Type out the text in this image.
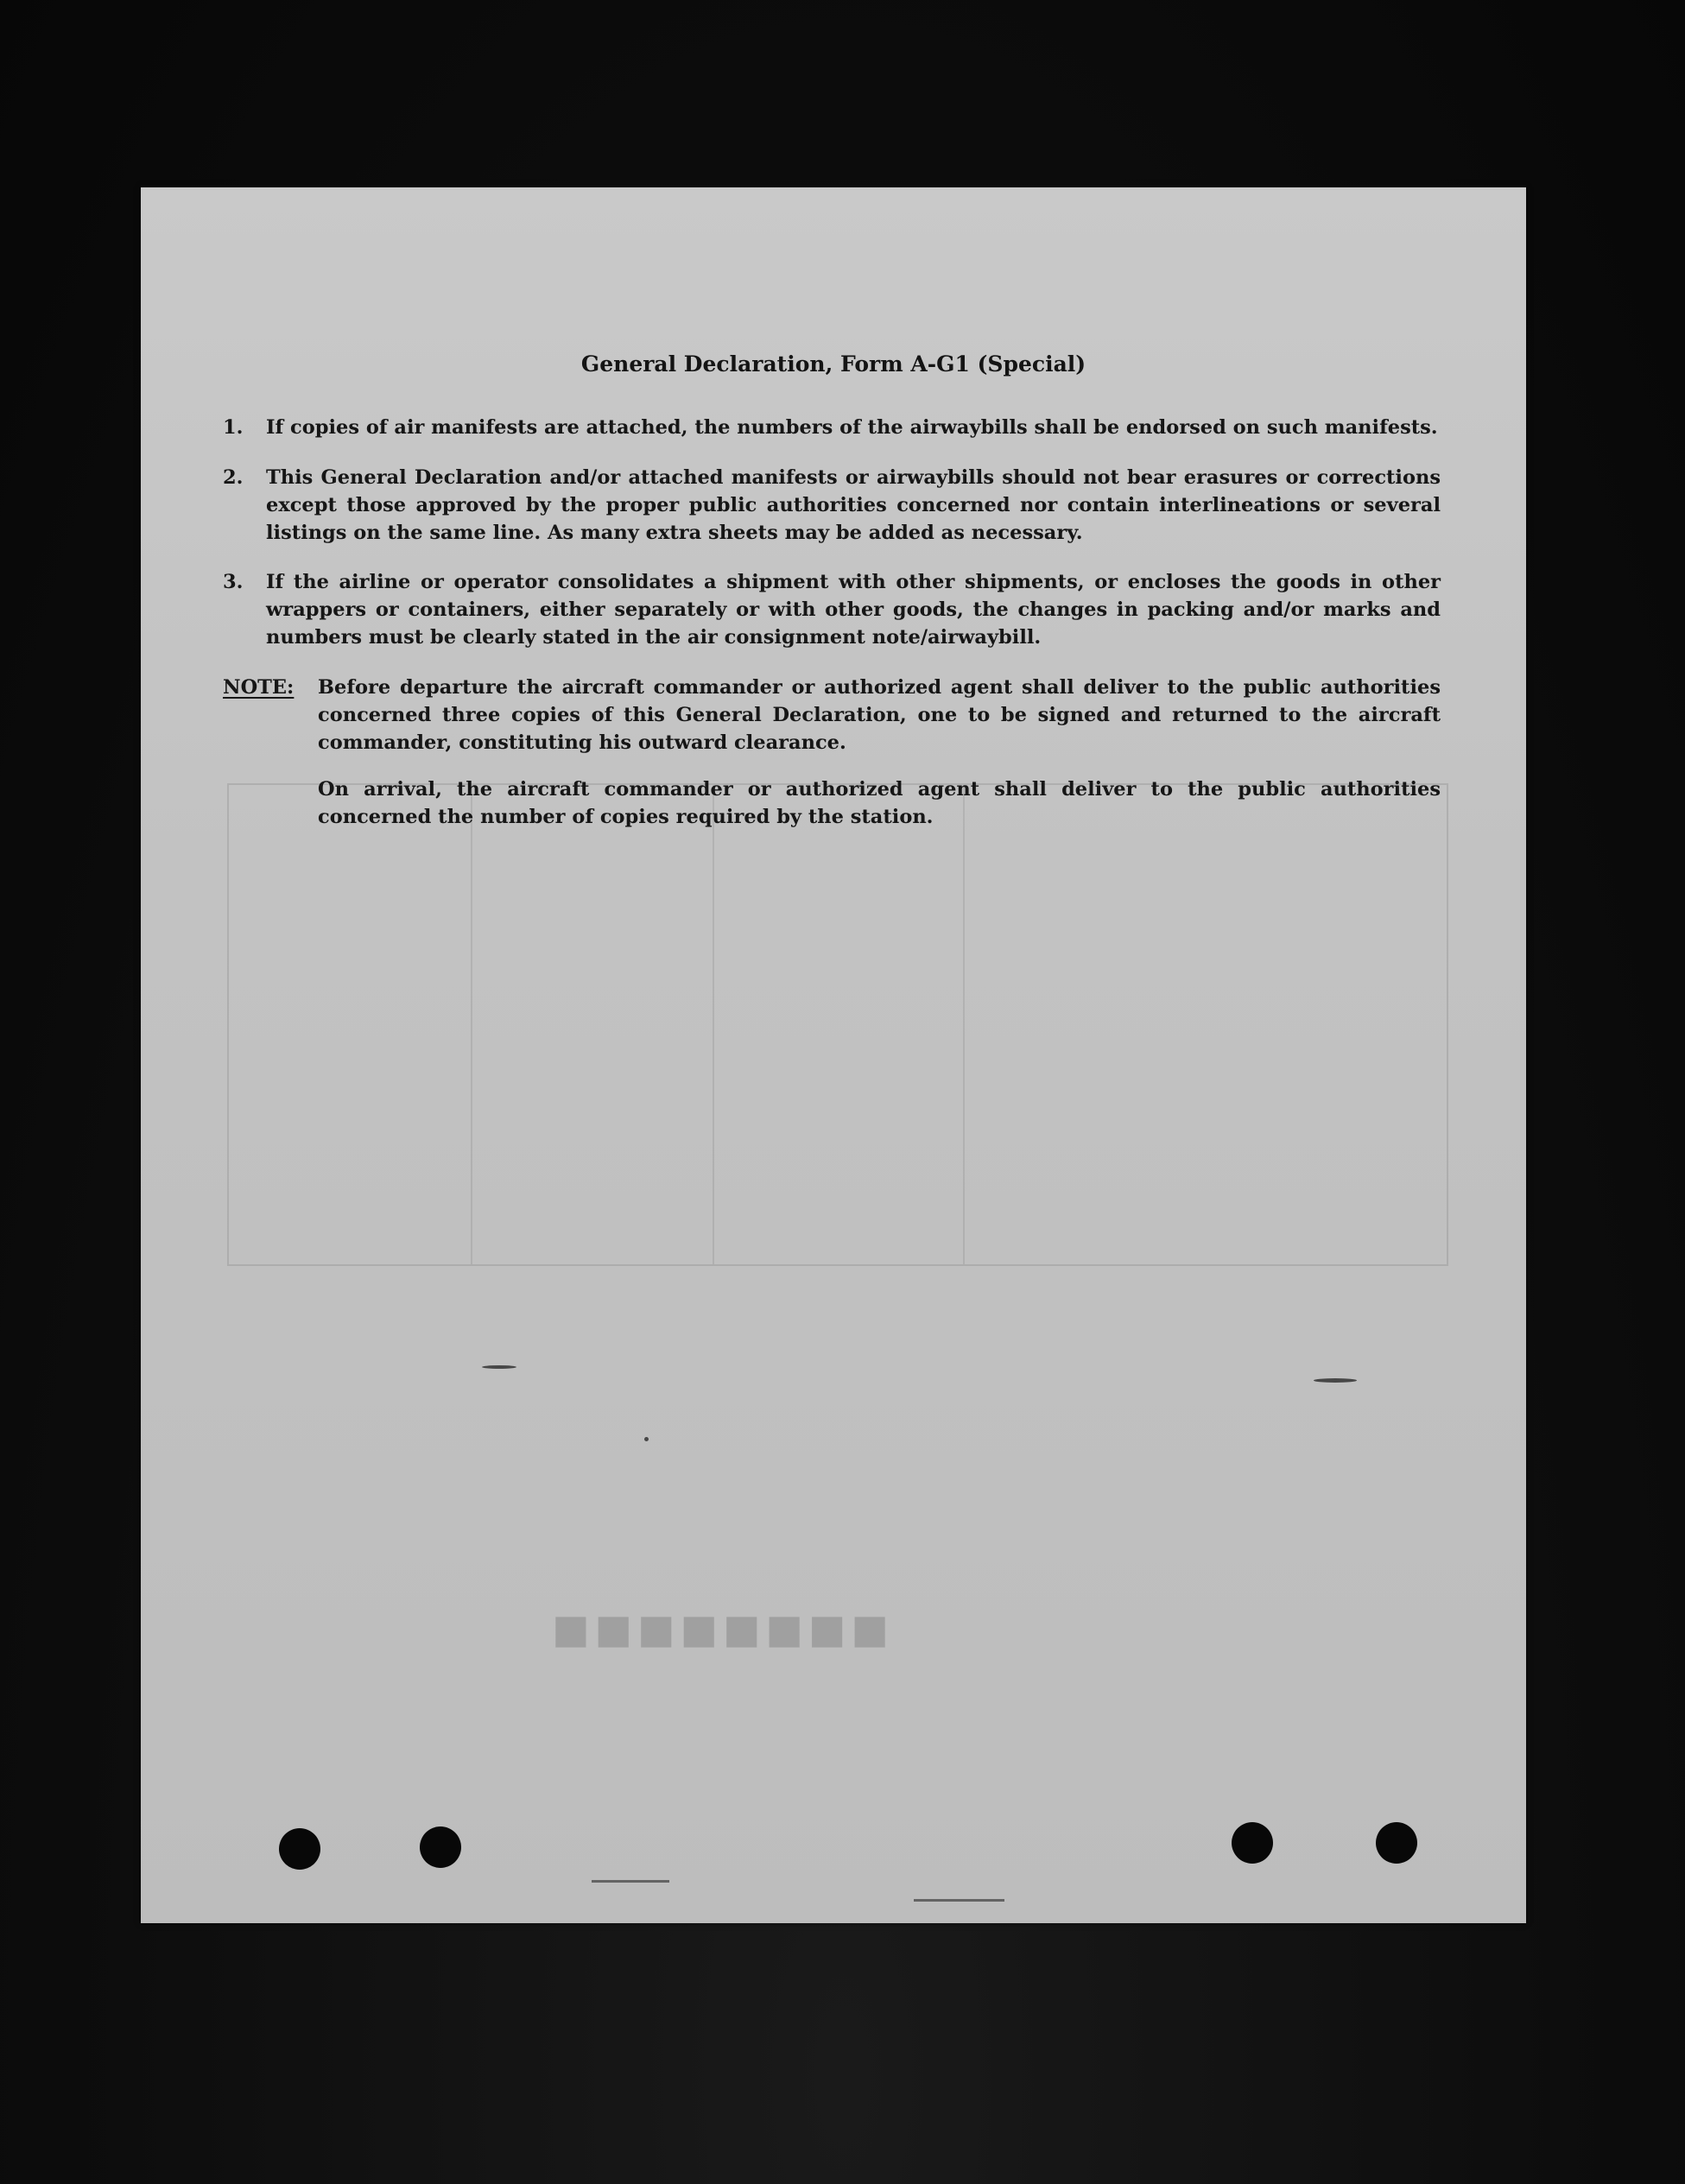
■■■■■■■■
General Declaration, Form A-G1 (Special)
1.	If copies of air manifests are attached, the numbers of the airwaybills shall be endorsed on such manifests.
2.	This General Declaration and/or attached manifests or airwaybills should not bear erasures or corrections except those approved by the proper public authorities concerned nor contain interlineations or several listings on the same line. As many extra sheets may be added as necessary.
3.	If the airline or operator consolidates a shipment with other shipments, or encloses the goods in other wrappers or containers, either separately or with other goods, the changes in packing and/or marks and numbers must be clearly stated in the air consignment note/airwaybill.
NOTE: Before departure the aircraft commander or authorized agent shall deliver to the public authorities concerned three copies of this General Declaration, one to be signed and returned to the aircraft commander, constituting his outward clearance.
On arrival, the aircraft commander or authorized agent shall deliver to the public authorities concerned the number of copies required by the station.
